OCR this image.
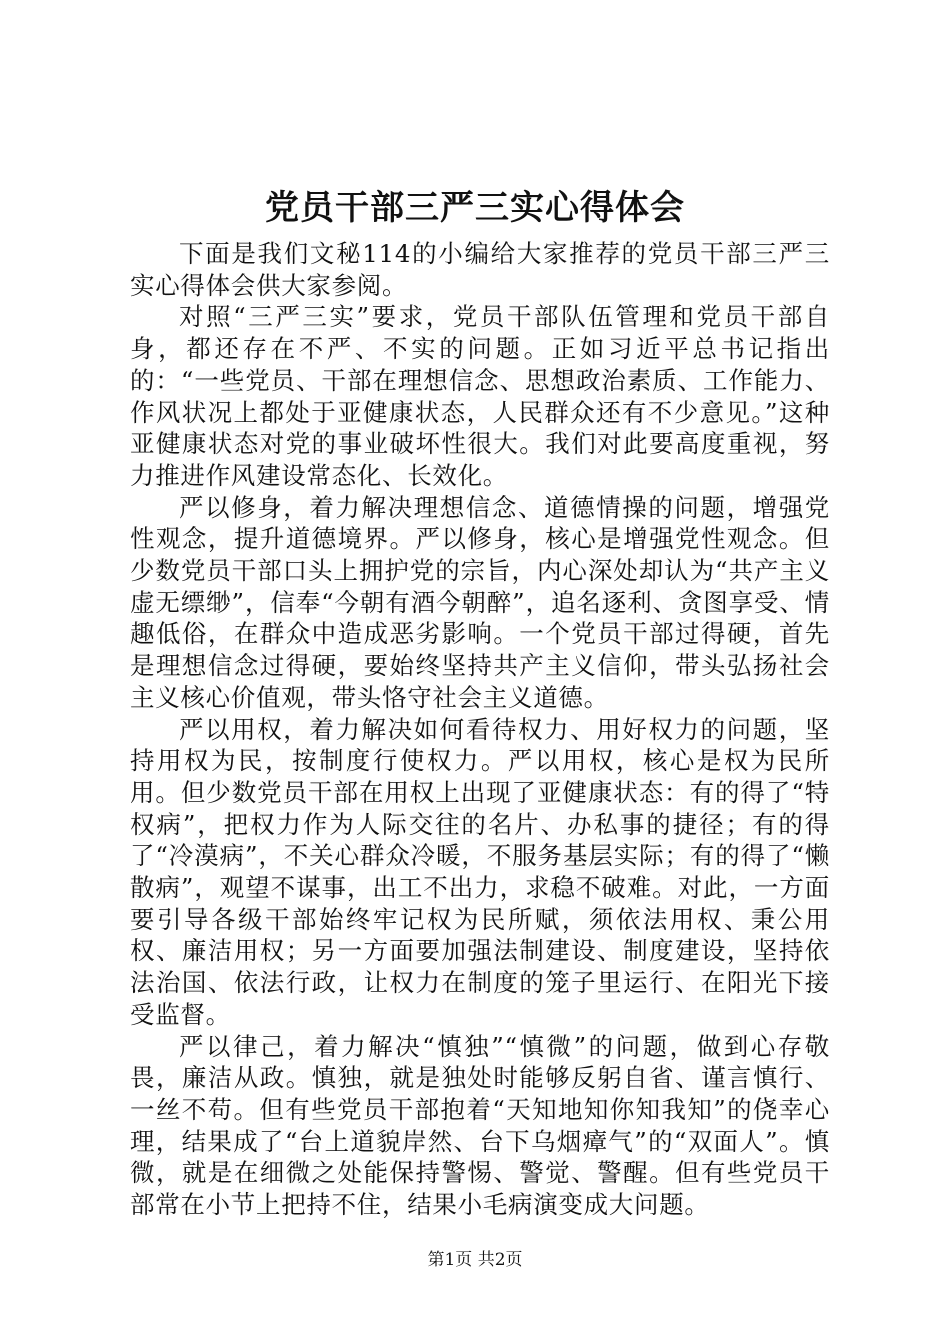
党员干部三严三实心得体会

下面是我们文秘114的小编给大家推荐的党员干部三严三实心得体会供大家参阅。

对照“三严三实”要求，党员干部队伍管理和党员干部自身，都还存在不严、不实的问题。正如习近平总书记指出的：“一些党员、干部在理想信念、思想政治素质、工作能力、作风状况上都处于亚健康状态，人民群众还有不少意见。”这种亚健康状态对党的事业破坏性很大。我们对此要高度重视，努力推进作风建设常态化、长效化。

严以修身，着力解决理想信念、道德情操的问题，增强党性观念，提升道德境界。严以修身，核心是增强党性观念。但少数党员干部口头上拥护党的宗旨，内心深处却认为“共产主义虚无缥缈”，信奉“今朝有酒今朝醉”，追名逐利、贪图享受、情趣低俗，在群众中造成恶劣影响。一个党员干部过得硬，首先是理想信念过得硬，要始终坚持共产主义信仰，带头弘扬社会主义核心价值观，带头恪守社会主义道德。

严以用权，着力解决如何看待权力、用好权力的问题，坚持用权为民，按制度行使权力。严以用权，核心是权为民所用。但少数党员干部在用权上出现了亚健康状态：有的得了“特权病”，把权力作为人际交往的名片、办私事的捷径；有的得了“冷漠病”，不关心群众冷暖，不服务基层实际；有的得了“懒散病”，观望不谋事，出工不出力，求稳不破难。对此，一方面要引导各级干部始终牢记权为民所赋，须依法用权、秉公用权、廉洁用权；另一方面要加强法制建设、制度建设，坚持依法治国、依法行政，让权力在制度的笼子里运行、在阳光下接受监督。

严以律己，着力解决“慎独”“慎微”的问题，做到心存敬畏，廉洁从政。慎独，就是独处时能够反躬自省、谨言慎行、一丝不苟。但有些党员干部抱着“天知地知你知我知”的侥幸心理，结果成了“台上道貌岸然、台下乌烟瘴气”的“双面人”。慎微，就是在细微之处能保持警惕、警觉、警醒。但有些党员干部常在小节上把持不住，结果小毛病演变成大问题。

第1页 共2页
